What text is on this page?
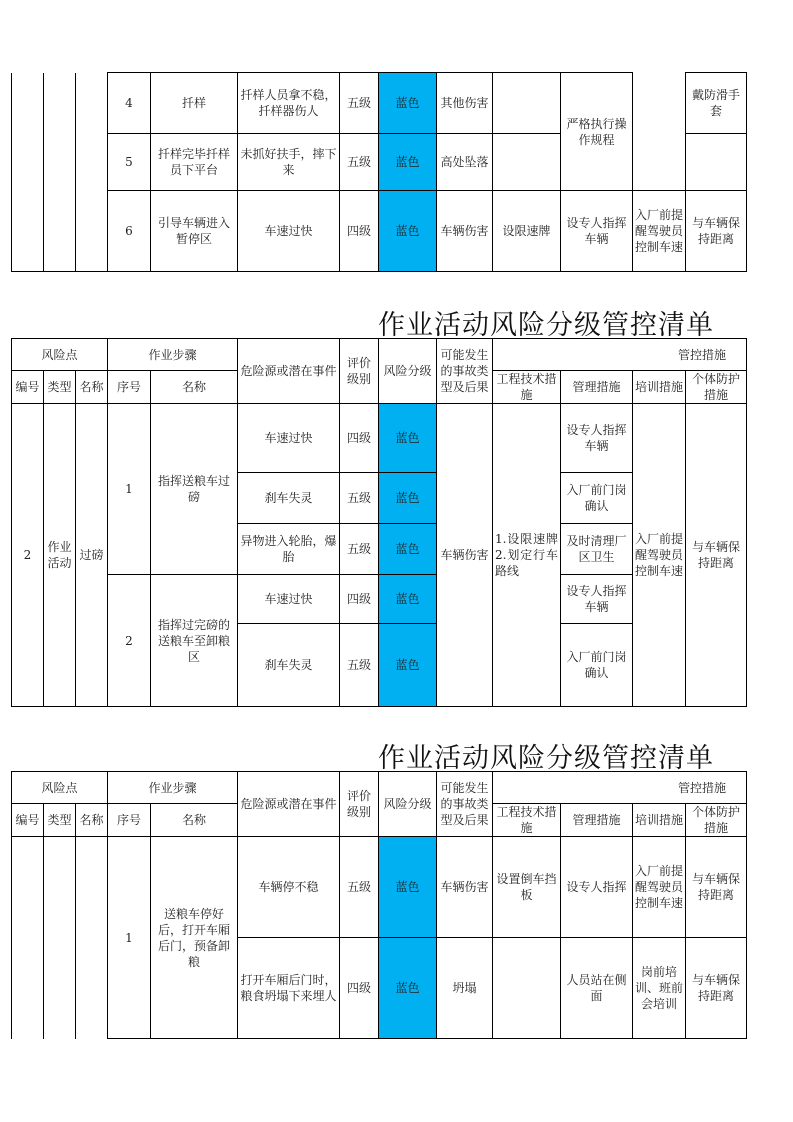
			4	扦样	扦样人员拿不稳，扦样器伤人	五级	蓝色	其他伤害		严格执行操作规程		戴防滑手套
			5	扦样完毕扦样员下平台	未抓好扶手，摔下来	五级	蓝色	高处坠落				
			6	引导车辆进入暂停区	车速过快	四级	蓝色	车辆伤害	设限速牌	设专人指挥车辆	入厂前提醒驾驶员控制车速	与车辆保持距离
作业活动风险分级管控清单
风险点			作业步骤		危险源或潜在事件	评价级别	风险分级	可能发生的事故类型及后果	管控措施			
编号	类型	名称	序号	名称					工程技术措施	管理措施	培训措施	个体防护措施
2	作业活动	过磅	1	指挥送粮车过磅	车速过快	四级	蓝色	车辆伤害	1.设限速牌　　2.划定行车路线	设专人指挥车辆	入厂前提醒驾驶员控制车速	与车辆保持距离
					刹车失灵	五级	蓝色			入厂前门岗确认		
					异物进入轮胎，爆胎	五级	蓝色			及时清理厂区卫生		
			2	指挥过完磅的送粮车至卸粮区	车速过快	四级	蓝色			设专人指挥车辆		
					刹车失灵	五级	蓝色			入厂前门岗确认		
作业活动风险分级管控清单
风险点			作业步骤		危险源或潜在事件	评价级别	风险分级	可能发生的事故类型及后果	管控措施			
编号	类型	名称	序号	名称					工程技术措施	管理措施	培训措施	个体防护措施
			1	送粮车停好后，打开车厢后门，预备卸粮	车辆停不稳	五级	蓝色	车辆伤害	设置倒车挡板	设专人指挥	入厂前提醒驾驶员控制车速	与车辆保持距离
					打开车厢后门时，粮食坍塌下来埋人	四级	蓝色	坍塌		人员站在侧面	岗前培训、班前会培训	与车辆保持距离
